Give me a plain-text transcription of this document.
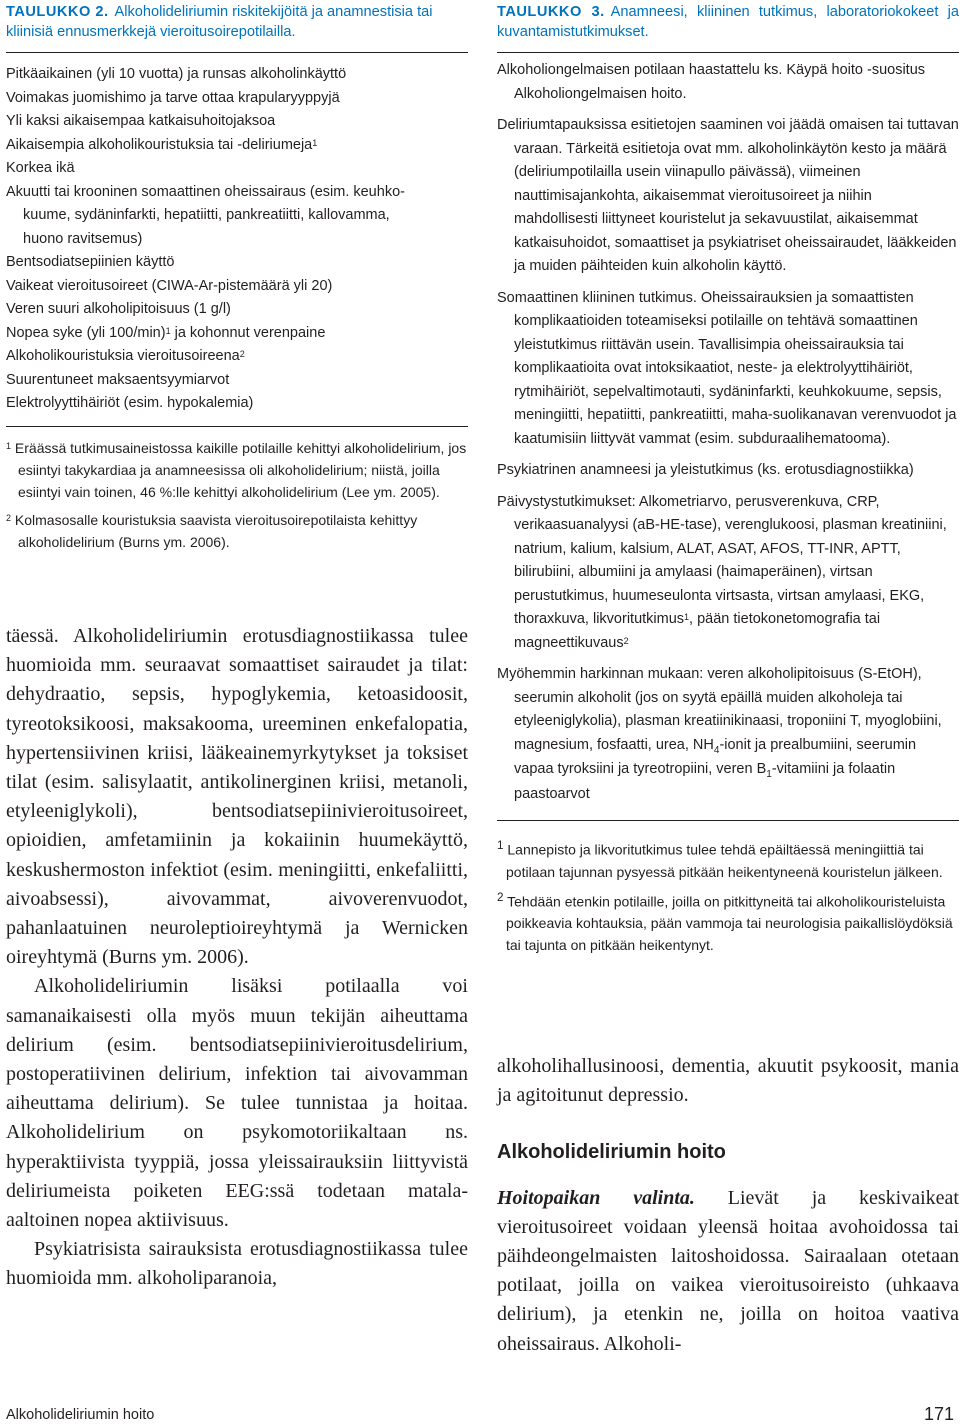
TAULUKKO 2. Alkoholideliriumin riskitekijöitä ja anamnestisia tai kliinisiä ennusmerkkejä vieroitusoirepotilailla.
Pitkäaikainen (yli 10 vuotta) ja runsas alkoholinkäyttö
Voimakas juomishimo ja tarve ottaa krapularyyppyjä
Yli kaksi aikaisempaa katkaisuhoitojaksoa
Aikaisempia alkoholikouristuksia tai -deliriumeja$^1$
Korkea ikä
Akuutti tai krooninen somaattinen oheissairaus (esim. keuhko-
kuume, sydäninfarkti, hepatiitti, pankreatiitti, kallovamma,
huono ravitsemus)
Bentsodiatsepiinien käyttö
Vaikeat vieroitusoireet (CIWA-Ar-pistemäärä yli 20)
Veren suuri alkoholipitoisuus (1 g/l)
Nopea syke (yli 100/min)$^1$ ja kohonnut verenpaine
Alkoholikouristuksia vieroitusoireena$^2$
Suurentuneet maksaentsyymiarvot
Elektrolyyttihäiriöt (esim. hypokalemia)
$^1$ Eräässä tutkimusaineistossa kaikille potilaille kehittyi alkoholidelirium, jos esiintyi takykardiaa ja anamneesissa oli alkoholidelirium; niistä, joilla esiintyi vain toinen, 46 %:lle kehittyi alkoholidelirium (Lee ym. 2005).
$^2$ Kolmasosalle kouristuksia saavista vieroitusoirepotilaista kehittyy alkoholidelirium (Burns ym. 2006).

täessä. Alkoholideliriumin erotusdiagnostiikassa tulee huomioida mm. seuraavat somaattiset sairaudet ja tilat: dehydraatio, sepsis, hypoglykemia, ketoasidoosit, tyreotoksikoosi, maksakooma, ureeminen enkefalopatia, hypertensiivinen kriisi, lääkeainemyrkytykset ja toksiset tilat (esim. salisylaatit, antikolinerginen kriisi, metanoli, etyleeniglykoli), bentsodiatsepiinivieroitusoireet, opioidien, amfetamiinin ja kokaiinin huumekäyttö, keskushermoston infektiot (esim. meningiitti, enkefaliitti, aivoabsessi), aivovammat, aivoverenvuodot, pahanlaatuinen neuroleptioireyhtymä ja Wernicken oireyhtymä (Burns ym. 2006).

Alkoholideliriumin lisäksi potilaalla voi samanaikaisesti olla myös muun tekijän aiheuttama delirium (esim. bentsodiatsepiinivieroitusdelirium, postoperatiivinen delirium, infektion tai aivovamman aiheuttama delirium). Se tulee tunnistaa ja hoitaa. Alkoholidelirium on psykomotoriikaltaan ns. hyperaktiivista tyyppiä, jossa yleissairauksiin liittyvistä deliriumeista poiketen EEG:ssä todetaan matala-aaltoinen nopea aktiivisuus.

Psykiatrisista sairauksista erotusdiagnostiikassa tulee huomioida mm. alkoholiparanoia,

TAULUKKO 3. Anamneesi, kliininen tutkimus, laboratoriokokeet ja kuvantamistutkimukset.
Alkoholiongelmaisen potilaan haastattelu ks. Käypä hoito -suositus Alkoholiongelmaisen hoito.
Deliriumtapauksissa esitietojen saaminen voi jäädä omaisen tai tuttavan varaan. Tärkeitä esitietoja ovat mm. alkoholinkäytön kesto ja määrä (deliriumpotilailla usein viinapullo päivässä), viimeinen nauttimisajankohta, aikaisemmat vieroitusoireet ja niihin mahdollisesti liittyneet kouristelut ja sekavuustilat, aikaisemmat katkaisuhoidot, somaattiset ja psykiatriset oheissairaudet, lääkkeiden ja muiden päihteiden kuin alkoholin käyttö.
Somaattinen kliininen tutkimus. Oheissairauksien ja somaattisten komplikaatioiden toteamiseksi potilaille on tehtävä somaattinen yleistutkimus riittävän usein. Tavallisimpia oheissairauksia tai komplikaatioita ovat intoksikaatiot, neste- ja elektrolyyttihäiriöt, rytmihäiriöt, sepelvaltimotauti, sydäninfarkti, keuhkokuume, sepsis, meningiitti, hepatiitti, pankreatiitti, maha-suolikanavan verenvuodot ja kaatumisiin liittyvät vammat (esim. subduraalihematooma).
Psykiatrinen anamneesi ja yleistutkimus (ks. erotusdiagnostiikka)
Päivystystutkimukset: Alkometriarvo, perusverenkuva, CRP, verikaasuanalyysi (aB-HE-tase), verenglukoosi, plasman kreatiniini, natrium, kalium, kalsium, ALAT, ASAT, AFOS, TT-INR, APTT, bilirubiini, albumiini ja amylaasi (haimaperäinen), virtsan perustutkimus, huumeseulonta virtsasta, virtsan amylaasi, EKG, thoraxkuva, likvoritutkimus$^1$, pään tietokonetomografia tai magneettikuvaus$^2$
Myöhemmin harkinnan mukaan: veren alkoholipitoisuus (S-EtOH), seerumin alkoholit (jos on syytä epäillä muiden alkoholeja tai etyleeniglykolia), plasman kreatiinikinaasi, troponiini T, myoglobiini, magnesium, fosfaatti, urea, $NH_4$-ionit ja prealbumiini, seerumin vapaa tyroksiini ja tyreotropiini, veren $B_1$-vitamiini ja folaatin paastoarvot
$^1$ Lannepisto ja likvoritutkimus tulee tehdä epäiltäessä meningiittiä tai potilaan tajunnan pysyessä pitkään heikentyneenä kouristelun jälkeen.
$^2$ Tehdään etenkin potilaille, joilla on pitkittyneitä tai alkoholikouristeluista poikkeavia kohtauksia, pään vammoja tai neurologisia paikallislöydöksiä tai tajunta on pitkään heikentynyt.

alkoholihallusinoosi, dementia, akuutit psykoosit, mania ja agitoitunut depressio.

Alkoholideliriumin hoito

Hoitopaikan valinta. Lievät ja keskivaikeat vieroitusoireet voidaan yleensä hoitaa avohoidossa tai päihdeongelmaisten laitoshoidossa. Sairaalaan otetaan potilaat, joilla on vaikea vieroitusoireisto (uhkaava delirium), ja etenkin ne, joilla on hoitoa vaativa oheissairaus. Alkoholi-

Alkoholideliriumin hoito	171
